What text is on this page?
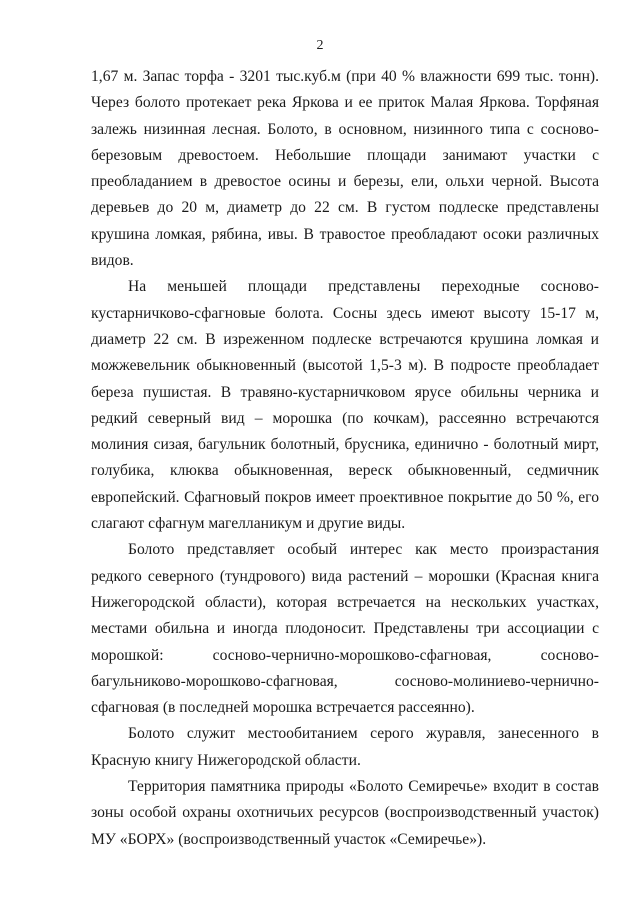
2

1,67 м. Запас торфа - 3201 тыс.куб.м (при 40 % влажности 699 тыс. тонн). Через болото протекает река Яркова и ее приток Малая Яркова. Торфяная залежь низинная лесная. Болото, в основном, низинного типа с сосново-березовым древостоем. Небольшие площади занимают участки с преобладанием в древостое осины и березы, ели, ольхи черной. Высота деревьев до 20 м, диаметр до 22 см. В густом подлеске представлены крушина ломкая, рябина, ивы. В травостое преобладают осоки различных видов.

На меньшей площади представлены переходные сосново-кустарничково-сфагновые болота. Сосны здесь имеют высоту 15-17 м, диаметр 22 см. В изреженном подлеске встречаются крушина ломкая и можжевельник обыкновенный (высотой 1,5-3 м). В подросте преобладает береза пушистая. В травяно-кустарничковом ярусе обильны черника и редкий северный вид – морошка (по кочкам), рассеянно встречаются молиния сизая, багульник болотный, брусника, единично - болотный мирт, голубика, клюква обыкновенная, вереск обыкновенный, седмичник европейский. Сфагновый покров имеет проективное покрытие до 50 %, его слагают сфагнум магелланикум и другие виды.

Болото представляет особый интерес как место произрастания редкого северного (тундрового) вида растений – морошки (Красная книга Нижегородской области), которая встречается на нескольких участках, местами обильна и иногда плодоносит. Представлены три ассоциации с морошкой: сосново-чернично-морошково-сфагновая, сосново-багульниково-морошково-сфагновая, сосново-молиниево-чернично-сфагновая (в последней морошка встречается рассеянно).

Болото служит местообитанием серого журавля, занесенного в Красную книгу Нижегородской области.

Территория памятника природы «Болото Семиречье» входит в состав зоны особой охраны охотничьих ресурсов (воспроизводственный участок) МУ «БОРХ» (воспроизводственный участок «Семиречье»).
